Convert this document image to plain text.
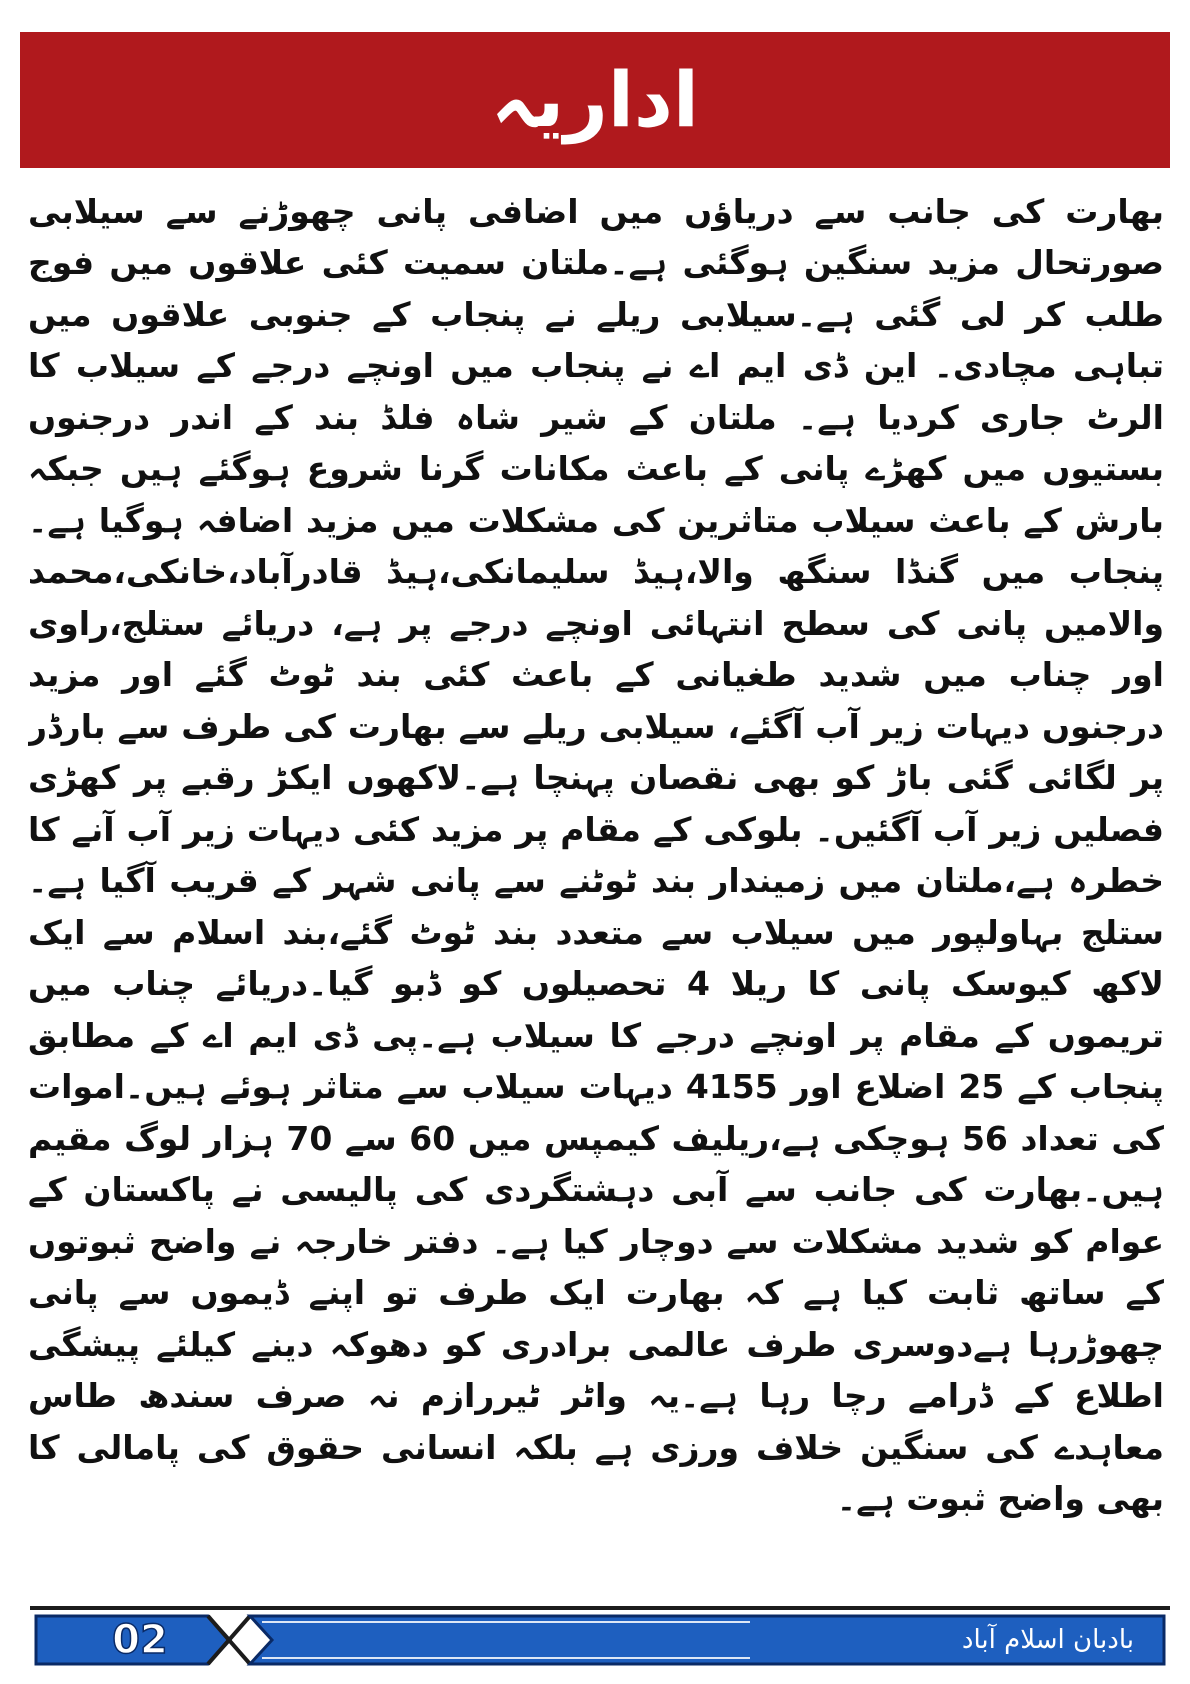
اداریہ

بھارت کی جانب سے دریاؤں میں اضافی پانی چھوڑنے سے سیلابی صورتحال مزید سنگین ہوگئی ہے۔ملتان سمیت کئی علاقوں میں فوج طلب کر لی گئی ہے۔سیلابی ریلے نے پنجاب کے جنوبی علاقوں میں تباہی مچادی۔ این ڈی ایم اے نے پنجاب میں اونچے درجے کے سیلاب کا الرٹ جاری کردیا ہے۔ ملتان کے شیر شاہ فلڈ بند کے اندر درجنوں بستیوں میں کھڑے پانی کے باعث مکانات گرنا شروع ہوگئے ہیں جبکہ بارش کے باعث سیلاب متاثرین کی مشکلات میں مزید اضافہ ہوگیا ہے۔پنجاب میں گنڈا سنگھ والا،ہیڈ سلیمانکی،ہیڈ قادرآباد،خانکی،محمد والامیں پانی کی سطح انتہائی اونچے درجے پر ہے، دریائے ستلج،راوی اور چناب میں شدید طغیانی کے باعث کئی بند ٹوٹ گئے اور مزید درجنوں دیہات زیر آب آگئے، سیلابی ریلے سے بھارت کی طرف سے بارڈر پر لگائی گئی باڑ کو بھی نقصان پہنچا ہے۔لاکھوں ایکڑ رقبے پر کھڑی فصلیں زیر آب آگئیں۔ بلوکی کے مقام پر مزید کئی دیہات زیر آب آنے کا خطرہ ہے،ملتان میں زمیندار بند ٹوٹنے سے پانی شہر کے قریب آگیا ہے۔ ستلج بہاولپور میں سیلاب سے متعدد بند ٹوٹ گئے،بند اسلام سے ایک لاکھ کیوسک پانی کا ریلا 4 تحصیلوں کو ڈبو گیا۔دریائے چناب میں تریموں کے مقام پر اونچے درجے کا سیلاب ہے۔پی ڈی ایم اے کے مطابق پنجاب کے 25 اضلاع اور 4155 دیہات سیلاب سے متاثر ہوئے ہیں۔اموات کی تعداد 56 ہوچکی ہے،ریلیف کیمپس میں 60 سے 70 ہزار لوگ مقیم ہیں۔بھارت کی جانب سے آبی دہشتگردی کی پالیسی نے پاکستان کے عوام کو شدید مشکلات سے دوچار کیا ہے۔ دفتر خارجہ نے واضح ثبوتوں کے ساتھ ثابت کیا ہے کہ بھارت ایک طرف تو اپنے ڈیموں سے پانی چھوڑرہا ہےدوسری طرف عالمی برادری کو دھوکہ دینے کیلئے پیشگی اطلاع کے ڈرامے رچا رہا ہے۔یہ واٹر ٹیررازم نہ صرف سندھ طاس معاہدے کی سنگین خلاف ورزی ہے بلکہ انسانی حقوق کی پامالی کا بھی واضح ثبوت ہے۔

02	بادبان اسلام آباد
